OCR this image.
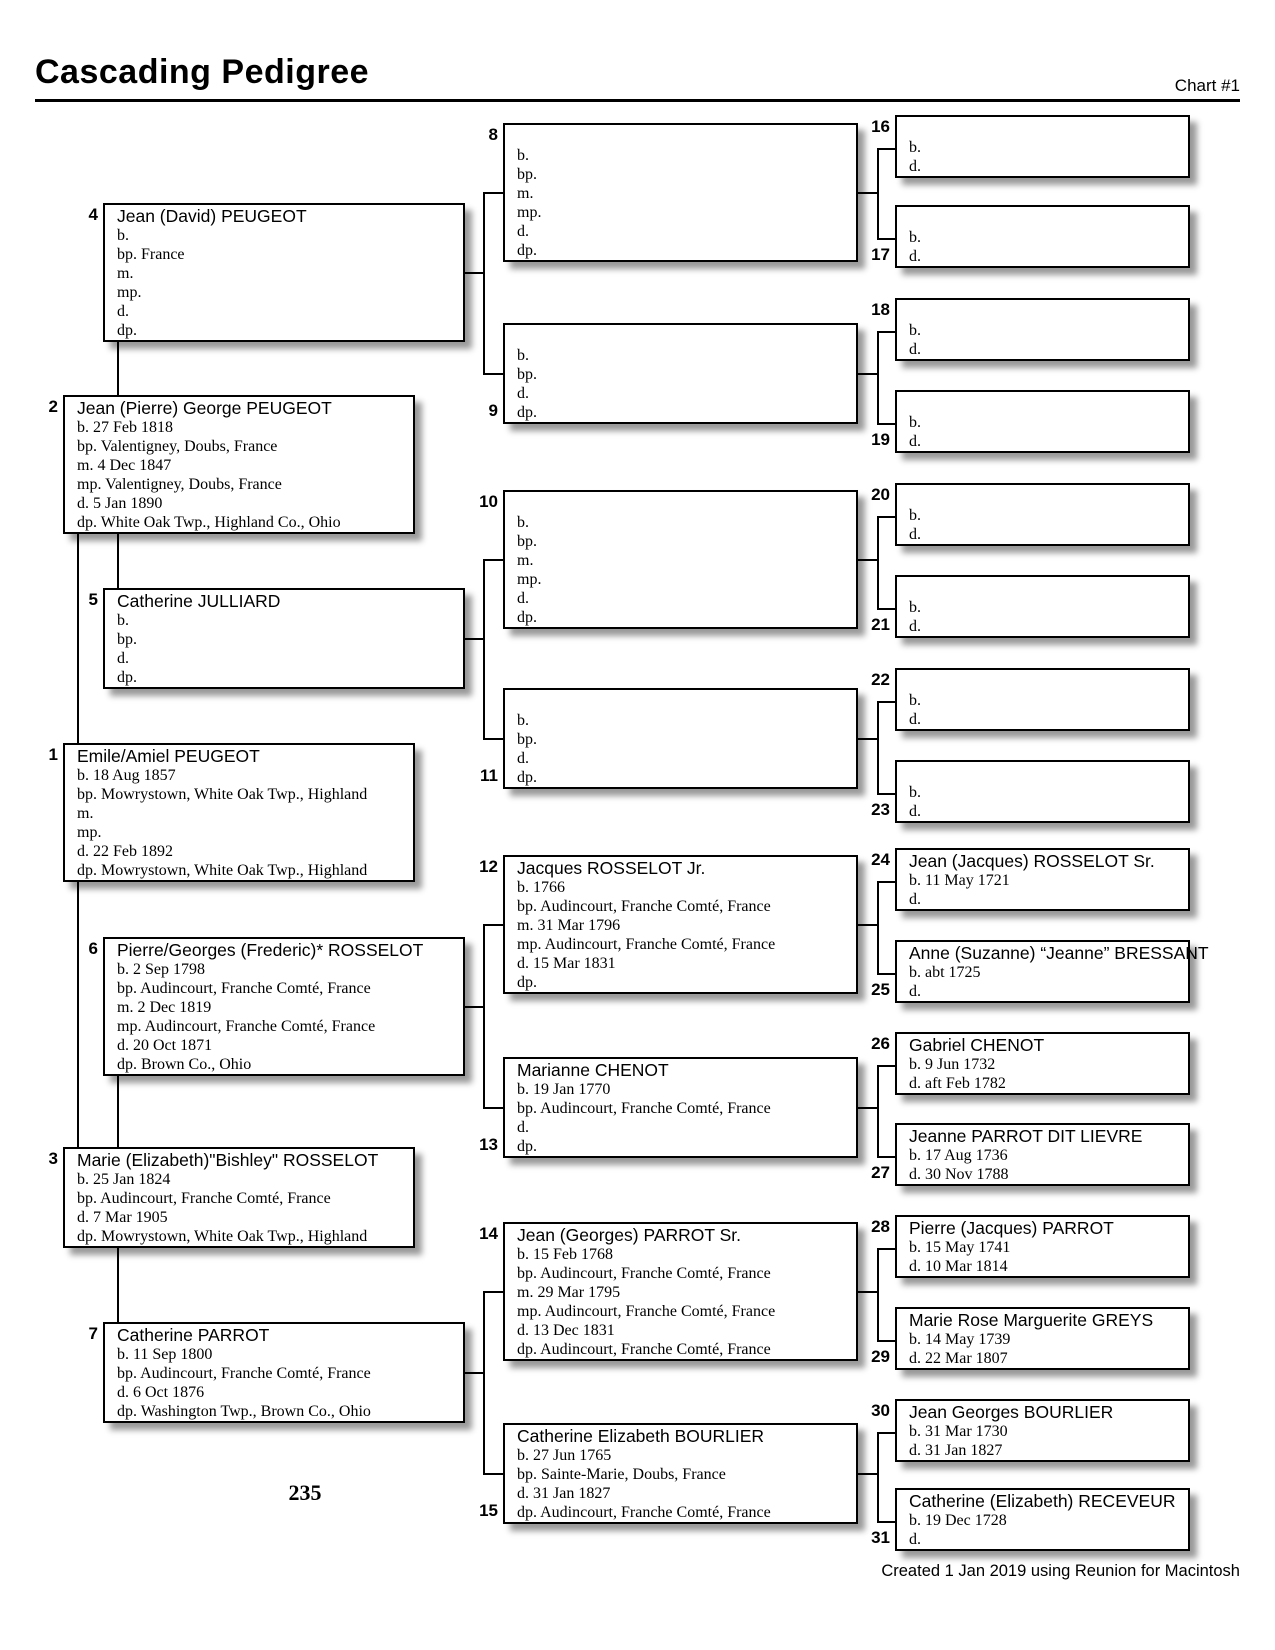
Cascading Pedigree	Chart #1
235
Created 1 Jan 2019 using Reunion for Macintosh
Jean (David) PEUGEOT
b.
bp. France
m.
mp.
d.
dp.
4
Jean (Pierre) George PEUGEOT
b. 27 Feb 1818
bp. Valentigney, Doubs, France
m. 4 Dec 1847
mp. Valentigney, Doubs, France
d. 5 Jan 1890
dp. White Oak Twp., Highland Co., Ohio
2
Catherine JULLIARD
b.
bp.
d.
dp.
5
Emile/Amiel PEUGEOT
b. 18 Aug 1857
bp. Mowrystown, White Oak Twp., Highland
m.
mp.
d. 22 Feb 1892
dp. Mowrystown, White Oak Twp., Highland
1
Pierre/Georges (Frederic)* ROSSELOT
b. 2 Sep 1798
bp. Audincourt, Franche Comté, France
m. 2 Dec 1819
mp. Audincourt, Franche Comté, France
d. 20 Oct 1871
dp. Brown Co., Ohio
6
Marie (Elizabeth)"Bishley" ROSSELOT
b. 25 Jan 1824
bp. Audincourt, Franche Comté, France
d. 7 Mar 1905
dp. Mowrystown, White Oak Twp., Highland
3
Catherine PARROT
b. 11 Sep 1800
bp. Audincourt, Franche Comté, France
d. 6 Oct 1876
dp. Washington Twp., Brown Co., Ohio
7
b.
bp.
m.
mp.
d.
dp.
8
b.
bp.
d.
dp.
9
b.
bp.
m.
mp.
d.
dp.
10
b.
bp.
d.
dp.
11
Jacques ROSSELOT Jr.
b. 1766
bp. Audincourt, Franche Comté, France
m. 31 Mar 1796
mp. Audincourt, Franche Comté, France
d. 15 Mar 1831
dp.
12
Marianne CHENOT
b. 19 Jan 1770
bp. Audincourt, Franche Comté, France
d.
dp.
13
Jean (Georges) PARROT Sr.
b. 15 Feb 1768
bp. Audincourt, Franche Comté, France
m. 29 Mar 1795
mp. Audincourt, Franche Comté, France
d. 13 Dec 1831
dp. Audincourt, Franche Comté, France
14
Catherine Elizabeth BOURLIER
b. 27 Jun 1765
bp. Sainte-Marie, Doubs, France
d. 31 Jan 1827
dp. Audincourt, Franche Comté, France
15
b.
d.
16
b.
d.
17
b.
d.
18
b.
d.
19
b.
d.
20
b.
d.
21
b.
d.
22
b.
d.
23
Jean (Jacques) ROSSELOT Sr.
b. 11 May 1721
d.
24
Anne (Suzanne) “Jeanne” BRESSANT
b. abt 1725
d.
25
Gabriel CHENOT
b. 9 Jun 1732
d. aft Feb 1782
26
Jeanne PARROT DIT LIEVRE
b. 17 Aug 1736
d. 30 Nov 1788
27
Pierre (Jacques) PARROT
b. 15 May 1741
d. 10 Mar 1814
28
Marie Rose Marguerite GREYS
b. 14 May 1739
d. 22 Mar 1807
29
Jean Georges BOURLIER
b. 31 Mar 1730
d. 31 Jan 1827
30
Catherine (Elizabeth) RECEVEUR
b. 19 Dec 1728
d.
31
